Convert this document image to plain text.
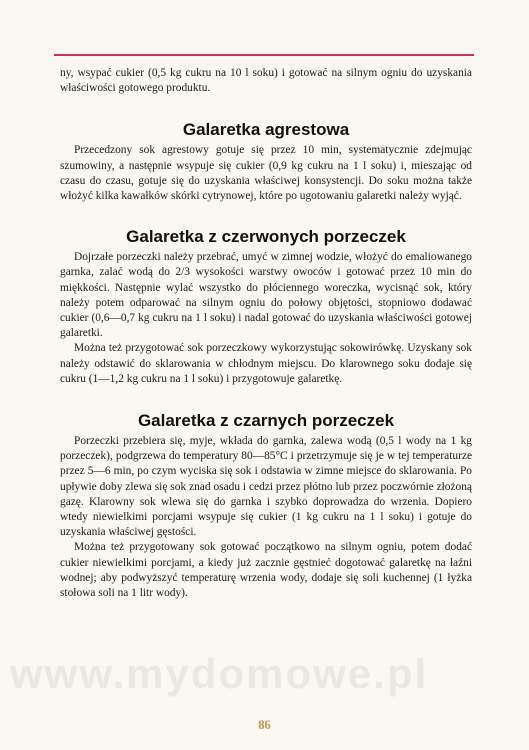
www.mydomowe.pl

ny, wsypać cukier (0,5 kg cukru na 10 l soku) i gotować na silnym ogniu do uzyskania właściwości gotowego produktu.

Galaretka agrestowa

Przecedzony sok agrestowy gotuje się przez 10 min, systematycznie zdejmując szumowiny, a następnie wsypuje się cukier (0,9 kg cukru na 1 l soku) i, mieszając od czasu do czasu, gotuje się do uzyskania właściwej konsystencji. Do soku można także włożyć kilka kawałków skórki cytrynowej, które po ugotowaniu galaretki należy wyjąć.

Galaretka z czerwonych porzeczek

Dojrzałe porzeczki należy przebrać, umyć w zimnej wodzie, włożyć do emaliowanego garnka, zalać wodą do 2/3 wysokości warstwy owoców i gotować przez 10 min do miękkości. Następnie wylać wszystko do płóciennego woreczka, wycisnąć sok, który należy potem odparować na silnym ogniu do połowy objętości, stopniowo dodawać cukier (0,6—0,7 kg cukru na 1 l soku) i nadal gotować do uzyskania właściwości gotowej galaretki.

Można też przygotować sok porzeczkowy wykorzystując sokowirówkę. Uzyskany sok należy odstawić do sklarowania w chłodnym miejscu. Do klarownego soku dodaje się cukru (1—1,2 kg cukru na 1 l soku) i przygotowuje galaretkę.

Galaretka z czarnych porzeczek

Porzeczki przebiera się, myje, wkłada do garnka, zalewa wodą (0,5 l wody na 1 kg porzeczek), podgrzewa do temperatury 80—85°C i przetrzymuje się je w tej temperaturze przez 5—6 min, po czym wyciska się sok i odstawia w zimne miejsce do sklarowania. Po upływie doby zlewa się sok znad osadu i cedzi przez płótno lub przez poczwórnie złożoną gazę. Klarowny sok wlewa się do garnka i szybko doprowadza do wrzenia. Dopiero wtedy niewielkimi porcjami wsypuje się cukier (1 kg cukru na 1 l soku) i gotuje do uzyskania właściwej gęstości.

Można też przygotowany sok gotować początkowo na silnym ogniu, potem dodać cukier niewielkimi porcjami, a kiedy już zacznie gęstnieć dogotować galaretkę na łaźni wodnej; aby podwyższyć temperaturę wrzenia wody, dodaje się soli kuchennej (1 łyżka stołowa soli na 1 litr wody).

86
